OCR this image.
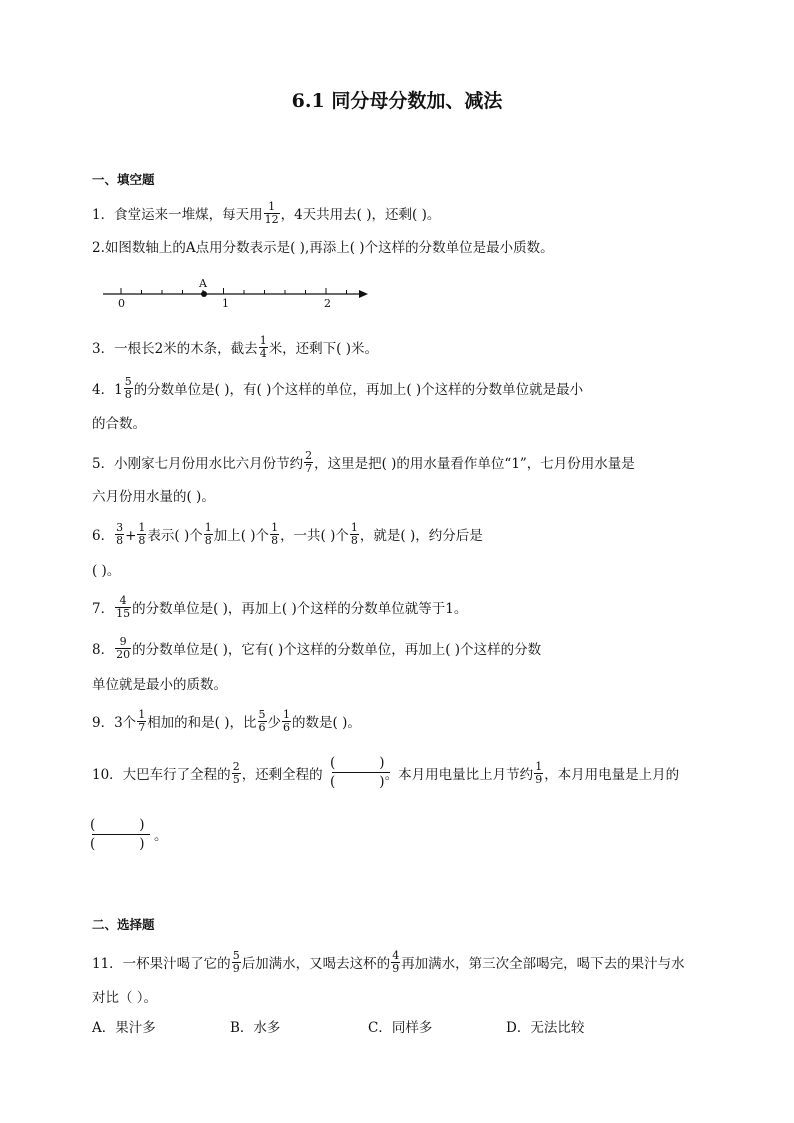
6.1 同分母分数加、减法
一、填空题
1．食堂运来一堆煤，每天用 $\frac{1}{12}$ ，4天共用去( )，还剩( )。
2.如图数轴上的A点用分数表示是( ),再添上( )个这样的分数单位是最小质数。
A
0	1	2
3．一根长2米的木条，截去 $\frac{1}{4}$ 米，还剩下( )米。
4．$1 \frac{5}{8}$ 的分数单位是( )，有( )个这样的单位，再加上( )个这样的分数单位就是最小
的合数。
5．小刚家七月份用水比六月份节约 $\frac{2}{7}$ ，这里是把( )的用水量看作单位“1”，七月份用水量是
六月份用水量的( )。
6． $\frac{3}{8} + \frac{1}{8}$ 表示( )个 $\frac{1}{8}$ 加上( )个 $\frac{1}{8}$ ，一共( )个 $\frac{1}{8}$ ，就是( )，约分后是
( )。
7． $\frac{4}{15}$ 的分数单位是( )，再加上( )个这样的分数单位就等于1。
8． $\frac{9}{20}$ 的分数单位是( )，它有( )个这样的分数单位，再加上( )个这样的分数
单位就是最小的质数。
9．3个 $\frac{1}{7}$ 相加的和是( )，比 $\frac{5}{6}$ 少 $\frac{1}{6}$ 的数是( )。
10．大巴车行了全程的 $\frac{2}{5}$ ，还剩全程的	。本月用电量比上月节约 $\frac{1}{9}$ ，本月用电量是上月的
(	)
(	)
(	)
(	) 。
二、选择题
11．一杯果汁喝了它的 $\frac{5}{9}$ 后加满水，又喝去这杯的 $\frac{4}{9}$ 再加满水，第三次全部喝完，喝下去的果汁与水
对比（ ）。
A．果汁多	B．水多	C．同样多	D．无法比较
